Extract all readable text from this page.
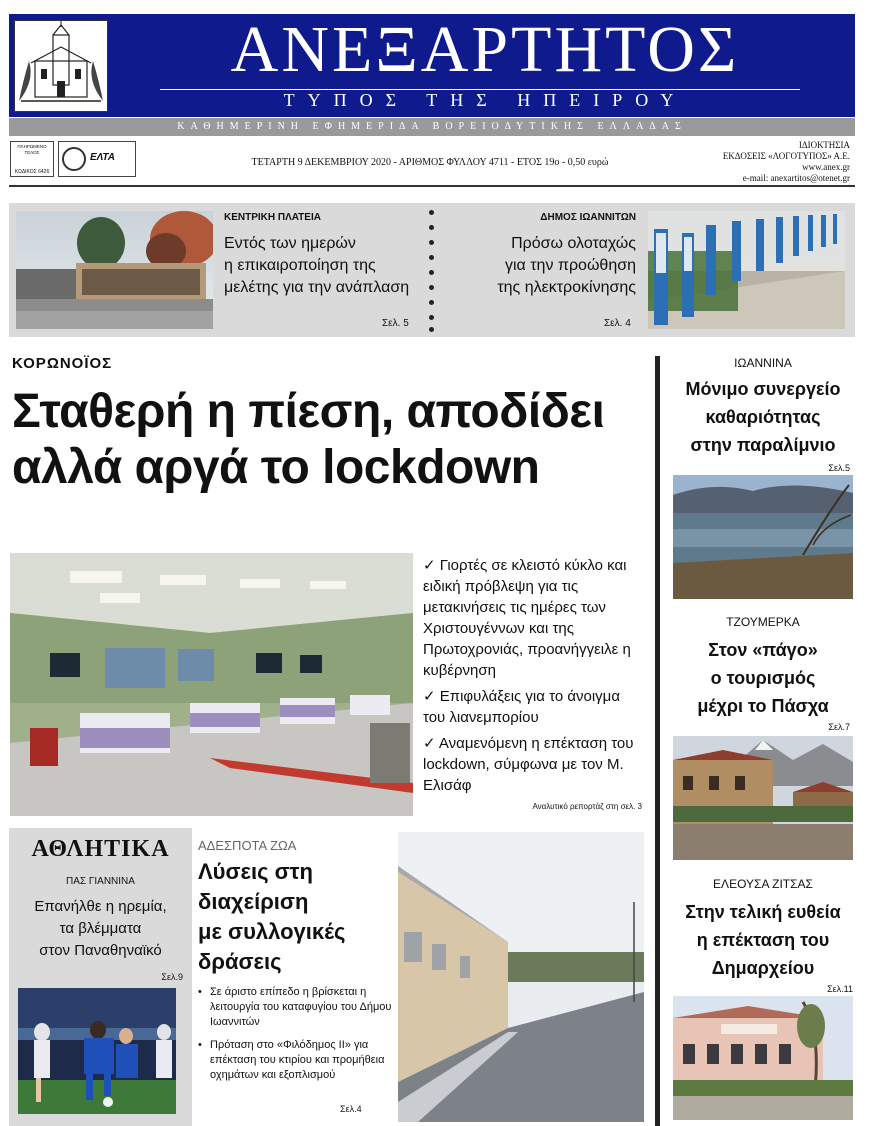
ΑΝΕΞΑΡΤΗΤΟΣ
ΤΥΠΟΣ ΤΗΣ ΗΠΕΙΡΟΥ
ΚΑΘΗΜΕΡΙΝΗ ΕΦΗΜΕΡΙΔΑ ΒΟΡΕΙΟΔΥΤΙΚΗΣ ΕΛΛΑΔΑΣ
ΠΛΗΡΩΜΕΝΟ ΤΕΛΟΣ
ΚΩΔΙΚΟΣ 6426
ΕΛΤΑ	ΤΕΤΑΡΤΗ 9 ΔΕΚΕΜΒΡΙΟΥ 2020 - ΑΡΙΘΜΟΣ ΦΥΛΛΟΥ 4711 - ΕΤΟΣ 19ο - 0,50 ευρώ
ΙΔΙΟΚΤΗΣΙΑ
ΕΚΔΟΣΕΙΣ «ΛΟΓΟΤΥΠΟΣ» Α.Ε.
www.anex.gr
e-mail: anexartitos@otenet.gr
ΚΕΝΤΡΙΚΗ ΠΛΑΤΕΙΑ
Εντός των ημερών
η επικαιροποίηση της
μελέτης για την ανάπλαση
Σελ. 5
ΔΗΜΟΣ ΙΩΑΝΝΙΤΩΝ
Πρόσω ολοταχώς
για την προώθηση
της ηλεκτροκίνησης
Σελ. 4
ΚΟΡΩΝΟΪΟΣ
Σταθερή η πίεση, αποδίδει
αλλά αργά το lockdown

✓ Γιορτές σε κλειστό κύκλο και ειδική πρόβλεψη για τις μετακινήσεις τις ημέρες των Χριστουγέννων και της Πρωτοχρονιάς, προανήγγειλε η κυβέρνηση

✓ Επιφυλάξεις για το άνοιγμα του λιανεμπορίου

✓ Αναμενόμενη η επέκταση του lockdown, σύμφωνα με τον Μ. Ελισάφ

Αναλυτικό ρεπορτάζ στη σελ. 3
ΙΩΑΝΝΙΝΑ
Μόνιμο συνεργείο
καθαριότητας
στην παραλίμνιο
Σελ.5
ΤΖΟΥΜΕΡΚΑ
Στον «πάγο»
ο τουρισμός
μέχρι το Πάσχα
Σελ.7
ΕΛΕΟΥΣΑ ΖΙΤΣΑΣ
Στην τελική ευθεία
η επέκταση του
Δημαρχείου
Σελ.11
ΑΘΛΗΤΙΚΑ
ΠΑΣ ΓΙΑΝΝΙΝΑ
Επανήλθε η ηρεμία,
τα βλέμματα
στον Παναθηναϊκό
Σελ.9
ΑΔΕΣΠΟΤΑ ΖΩΑ
Λύσεις στη
διαχείριση
με συλλογικές
δράσεις

• Σε άριστο επίπεδο η βρίσκεται η λειτουργία του καταφυγίου του Δήμου Ιωαννιτών

• Πρόταση στο «Φιλόδημος ΙΙ» για επέκταση του κτιρίου και προμήθεια οχημάτων και εξοπλισμού

Σελ.4
